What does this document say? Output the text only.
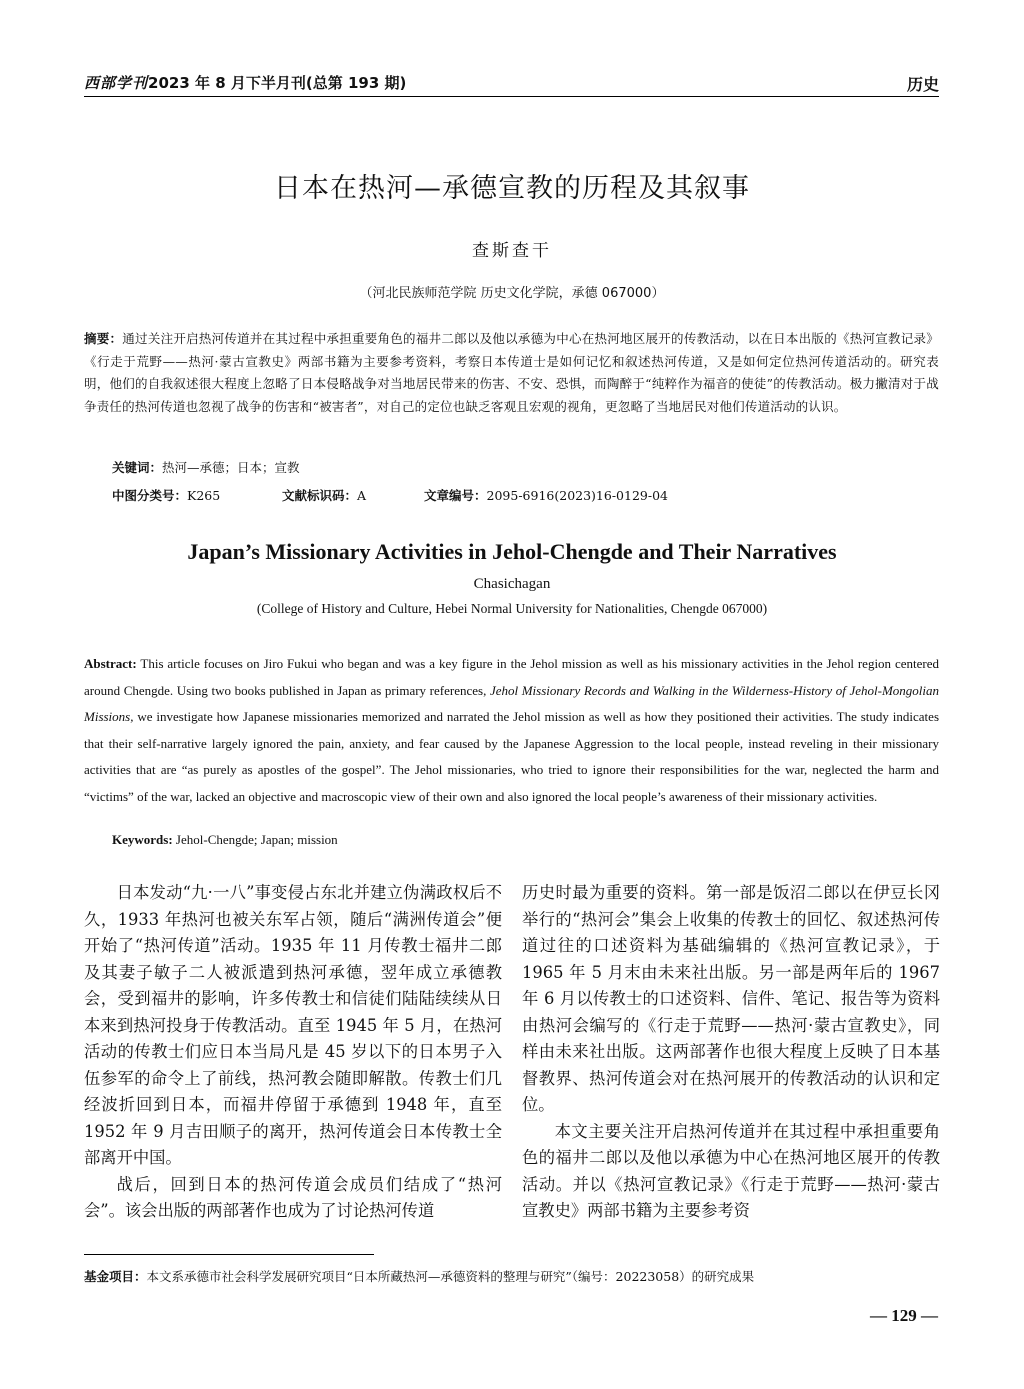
西部学刊2023 年 8 月下半月刊(总第 193 期)	历史
日本在热河—承德宣教的历程及其叙事
查斯查干
（河北民族师范学院 历史文化学院，承德 067000）
摘要：通过关注开启热河传道并在其过程中承担重要角色的福井二郎以及他以承德为中心在热河地区展开的传教活动，以在日本出版的《热河宣教记录》《行走于荒野——热河·蒙古宣教史》两部书籍为主要参考资料，考察日本传道士是如何记忆和叙述热河传道，又是如何定位热河传道活动的。研究表明，他们的自我叙述很大程度上忽略了日本侵略战争对当地居民带来的伤害、不安、恐惧，而陶醉于“纯粹作为福音的使徒”的传教活动。极力撇清对于战争责任的热河传道也忽视了战争的伤害和“被害者”，对自己的定位也缺乏客观且宏观的视角，更忽略了当地居民对他们传道活动的认识。
关键词：热河—承德；日本；宣教
中图分类号：K265	文献标识码：A	文章编号：2095-6916(2023)16-0129-04
Japan’s Missionary Activities in Jehol-Chengde and Their Narratives
Chasichagan
(College of History and Culture, Hebei Normal University for Nationalities, Chengde 067000)
Abstract: This article focuses on Jiro Fukui who began and was a key figure in the Jehol mission as well as his missionary activities in the Jehol region centered around Chengde. Using two books published in Japan as primary references, Jehol Missionary Records and Walking in the Wilderness-History of Jehol-Mongolian Missions, we investigate how Japanese missionaries memorized and narrated the Jehol mission as well as how they positioned their activities. The study indicates that their self-narrative largely ignored the pain, anxiety, and fear caused by the Japanese Aggression to the local people, instead reveling in their missionary activities that are “as purely as apostles of the gospel”. The Jehol missionaries, who tried to ignore their responsibilities for the war, neglected the harm and “victims” of the war, lacked an objective and macroscopic view of their own and also ignored the local people’s awareness of their missionary activities.
Keywords: Jehol-Chengde; Japan; mission

日本发动“九·一八”事变侵占东北并建立伪满政权后不久，1933 年热河也被关东军占领，随后“满洲传道会”便开始了“热河传道”活动。1935 年 11 月传教士福井二郎及其妻子敏子二人被派遣到热河承德，翌年成立承德教会，受到福井的影响，许多传教士和信徒们陆陆续续从日本来到热河投身于传教活动。直至 1945 年 5 月，在热河活动的传教士们应日本当局凡是 45 岁以下的日本男子入伍参军的命令上了前线，热河教会随即解散。传教士们几经波折回到日本，而福井停留于承德到 1948 年，直至 1952 年 9 月吉田顺子的离开，热河传道会日本传教士全部离开中国。

战后，回到日本的热河传道会成员们结成了“热河会”。该会出版的两部著作也成为了讨论热河传道

历史时最为重要的资料。第一部是饭沼二郎以在伊豆长冈举行的“热河会”集会上收集的传教士的回忆、叙述热河传道过往的口述资料为基础编辑的《热河宣教记录》，于 1965 年 5 月末由未来社出版。另一部是两年后的 1967 年 6 月以传教士的口述资料、信件、笔记、报告等为资料由热河会编写的《行走于荒野——热河·蒙古宣教史》，同样由未来社出版。这两部著作也很大程度上反映了日本基督教界、热河传道会对在热河展开的传教活动的认识和定位。

本文主要关注开启热河传道并在其过程中承担重要角色的福井二郎以及他以承德为中心在热河地区展开的传教活动。并以《热河宣教记录》《行走于荒野——热河·蒙古宣教史》两部书籍为主要参考资

基金项目：本文系承德市社会科学发展研究项目“日本所藏热河—承德资料的整理与研究”（编号：20223058）的研究成果
— 129 —
